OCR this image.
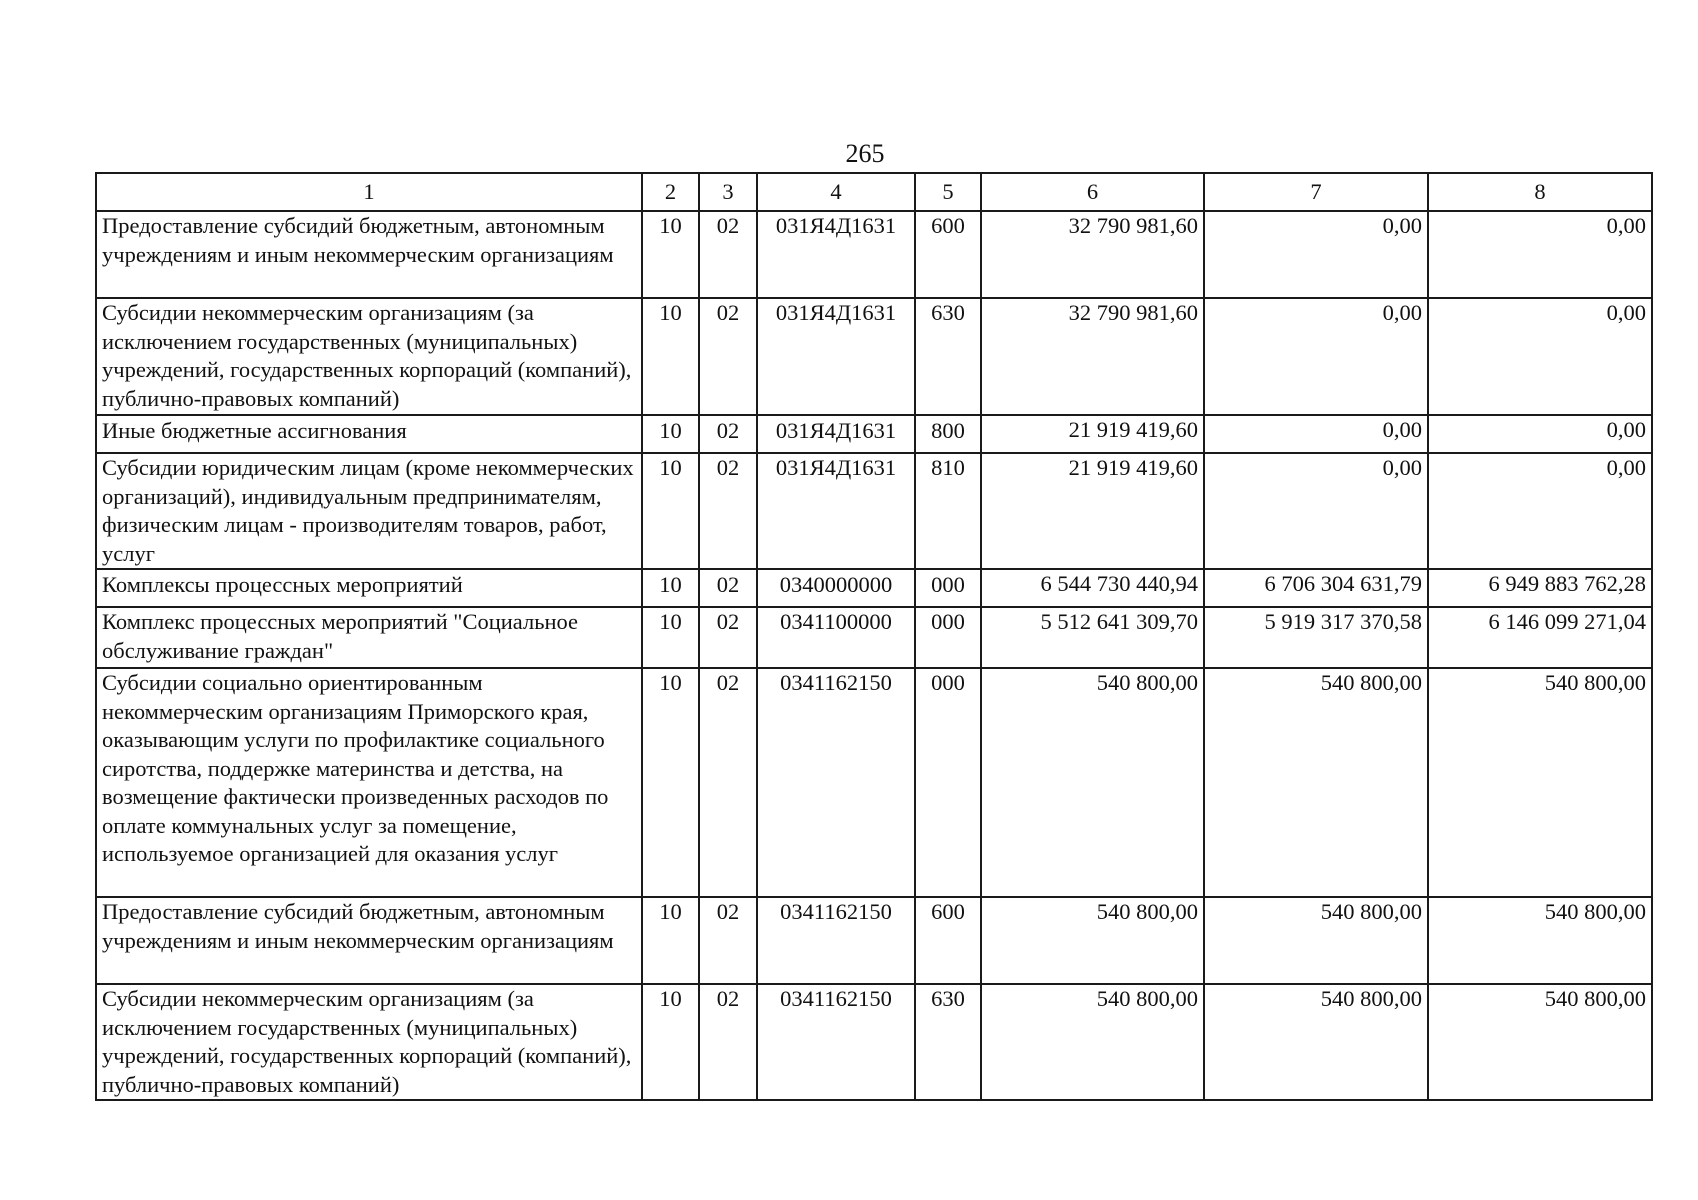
265
1	2	3	4	5	6	7	8
Предоставление субсидий бюджетным, автономным учреждениям и иным некоммерческим организациям	10	02	031Я4Д1631	600	32 790 981,60	0,00	0,00
Субсидии некоммерческим организациям (за исключением государственных (муниципальных) учреждений, государственных корпораций (компаний), публично-правовых компаний)	10	02	031Я4Д1631	630	32 790 981,60	0,00	0,00
Иные бюджетные ассигнования	10	02	031Я4Д1631	800	21 919 419,60	0,00	0,00
Субсидии юридическим лицам (кроме некоммерческих организаций), индивидуальным предпринимателям, физическим лицам - производителям товаров, работ, услуг	10	02	031Я4Д1631	810	21 919 419,60	0,00	0,00
Комплексы процессных мероприятий	10	02	0340000000	000	6 544 730 440,94	6 706 304 631,79	6 949 883 762,28
Комплекс процессных мероприятий "Социальное обслуживание граждан"	10	02	0341100000	000	5 512 641 309,70	5 919 317 370,58	6 146 099 271,04
Субсидии социально ориентированным некоммерческим организациям Приморского края, оказывающим услуги по профилактике социального сиротства, поддержке материнства и детства, на возмещение фактически произведенных расходов по оплате коммунальных услуг за помещение, используемое организацией для оказания услуг	10	02	0341162150	000	540 800,00	540 800,00	540 800,00
Предоставление субсидий бюджетным, автономным учреждениям и иным некоммерческим организациям	10	02	0341162150	600	540 800,00	540 800,00	540 800,00
Субсидии некоммерческим организациям (за исключением государственных (муниципальных) учреждений, государственных корпораций (компаний), публично-правовых компаний)	10	02	0341162150	630	540 800,00	540 800,00	540 800,00
